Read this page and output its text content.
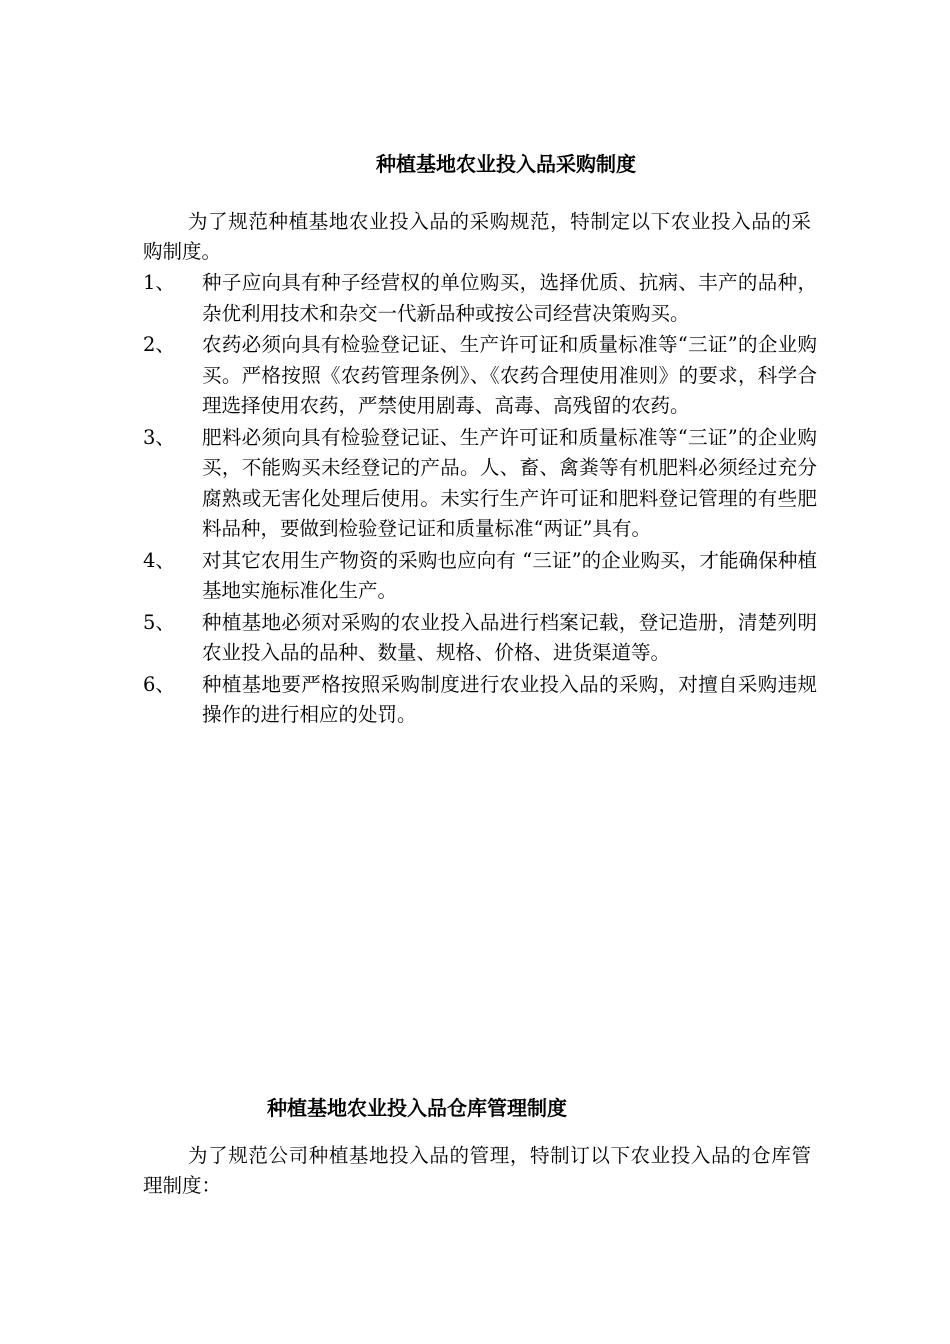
种植基地农业投入品采购制度
为了规范种植基地农业投入品的采购规范，特制定以下农业投入品的采购制度。
1、 种子应向具有种子经营权的单位购买，选择优质、抗病、丰产的品种，杂优利用技术和杂交一代新品种或按公司经营决策购买。
2、 农药必须向具有检验登记证、生产许可证和质量标准等“三证”的企业购买。严格按照《农药管理条例》、《农药合理使用准则》的要求，科学合理选择使用农药，严禁使用剧毒、高毒、高残留的农药。
3、 肥料必须向具有检验登记证、生产许可证和质量标准等“三证”的企业购买，不能购买未经登记的产品。人、畜、禽粪等有机肥料必须经过充分腐熟或无害化处理后使用。未实行生产许可证和肥料登记管理的有些肥料品种，要做到检验登记证和质量标准“两证”具有。
4、 对其它农用生产物资的采购也应向有 “三证”的企业购买，才能确保种植基地实施标准化生产。
5、 种植基地必须对采购的农业投入品进行档案记载，登记造册，清楚列明农业投入品的品种、数量、规格、价格、进货渠道等。
6、 种植基地要严格按照采购制度进行农业投入品的采购，对擅自采购违规操作的进行相应的处罚。
种植基地农业投入品仓库管理制度
为了规范公司种植基地投入品的管理，特制订以下农业投入品的仓库管理制度：
